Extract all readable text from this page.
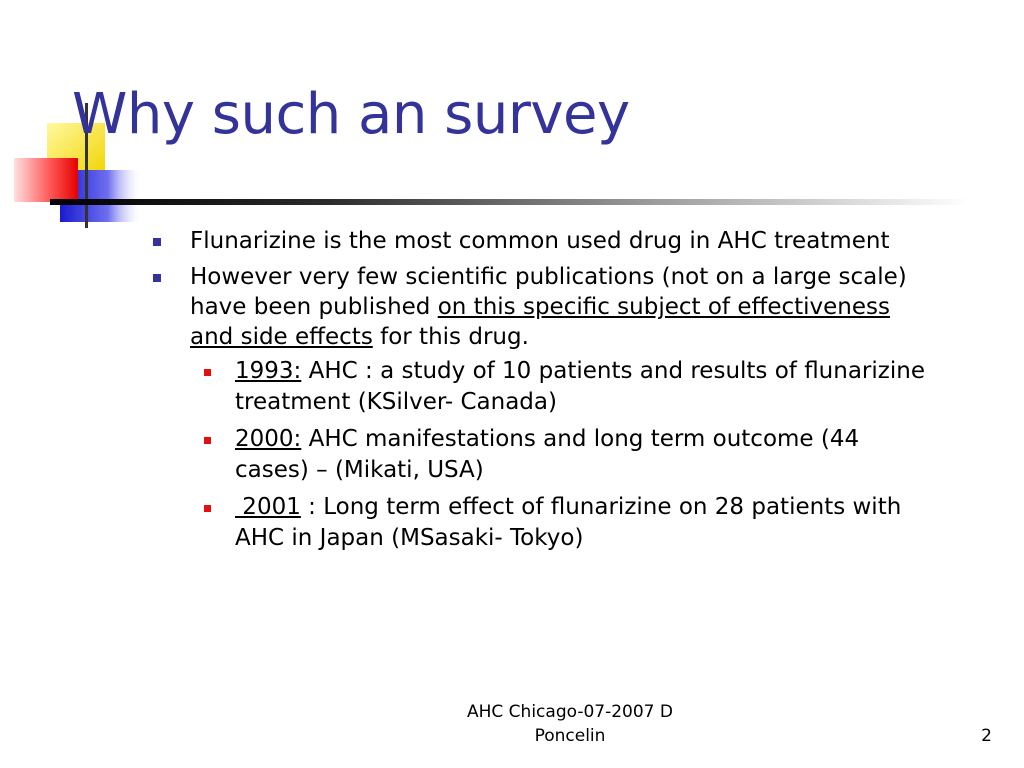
Why such an survey
Flunarizine is the most common used drug in AHC treatment
However very few scientific publications (not on a large scale) have been published on this specific subject of effectiveness and side effects for this drug.
1993: AHC : a study of 10 patients and results of flunarizine treatment (KSilver- Canada)
2000: AHC manifestations and long term outcome (44 cases) – (Mikati, USA)
2001 : Long term effect of flunarizine on 28 patients with AHC in Japan (MSasaki- Tokyo)
AHC Chicago-07-2007 D Poncelin	2
